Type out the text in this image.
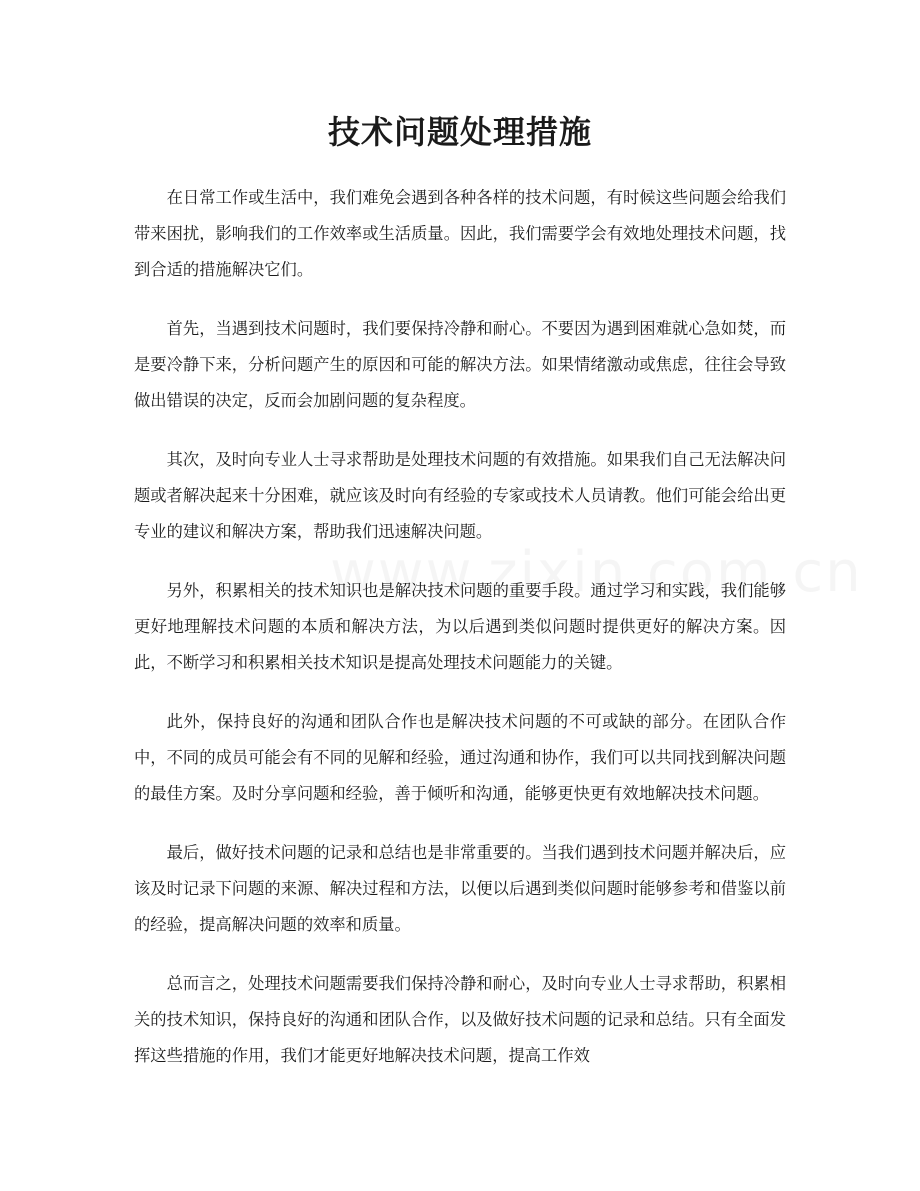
技术问题处理措施

在日常工作或生活中，我们难免会遇到各种各样的技术问题，有时候这些问题会给我们带来困扰，影响我们的工作效率或生活质量。因此，我们需要学会有效地处理技术问题，找到合适的措施解决它们。

首先，当遇到技术问题时，我们要保持冷静和耐心。不要因为遇到困难就心急如焚，而是要冷静下来，分析问题产生的原因和可能的解决方法。如果情绪激动或焦虑，往往会导致做出错误的决定，反而会加剧问题的复杂程度。

其次，及时向专业人士寻求帮助是处理技术问题的有效措施。如果我们自己无法解决问题或者解决起来十分困难，就应该及时向有经验的专家或技术人员请教。他们可能会给出更专业的建议和解决方案，帮助我们迅速解决问题。

另外，积累相关的技术知识也是解决技术问题的重要手段。通过学习和实践，我们能够更好地理解技术问题的本质和解决方法，为以后遇到类似问题时提供更好的解决方案。因此，不断学习和积累相关技术知识是提高处理技术问题能力的关键。

此外，保持良好的沟通和团队合作也是解决技术问题的不可或缺的部分。在团队合作中，不同的成员可能会有不同的见解和经验，通过沟通和协作，我们可以共同找到解决问题的最佳方案。及时分享问题和经验，善于倾听和沟通，能够更快更有效地解决技术问题。

最后，做好技术问题的记录和总结也是非常重要的。当我们遇到技术问题并解决后，应该及时记录下问题的来源、解决过程和方法，以便以后遇到类似问题时能够参考和借鉴以前的经验，提高解决问题的效率和质量。

总而言之，处理技术问题需要我们保持冷静和耐心，及时向专业人士寻求帮助，积累相关的技术知识，保持良好的沟通和团队合作，以及做好技术问题的记录和总结。只有全面发挥这些措施的作用，我们才能更好地解决技术问题，提高工作效
